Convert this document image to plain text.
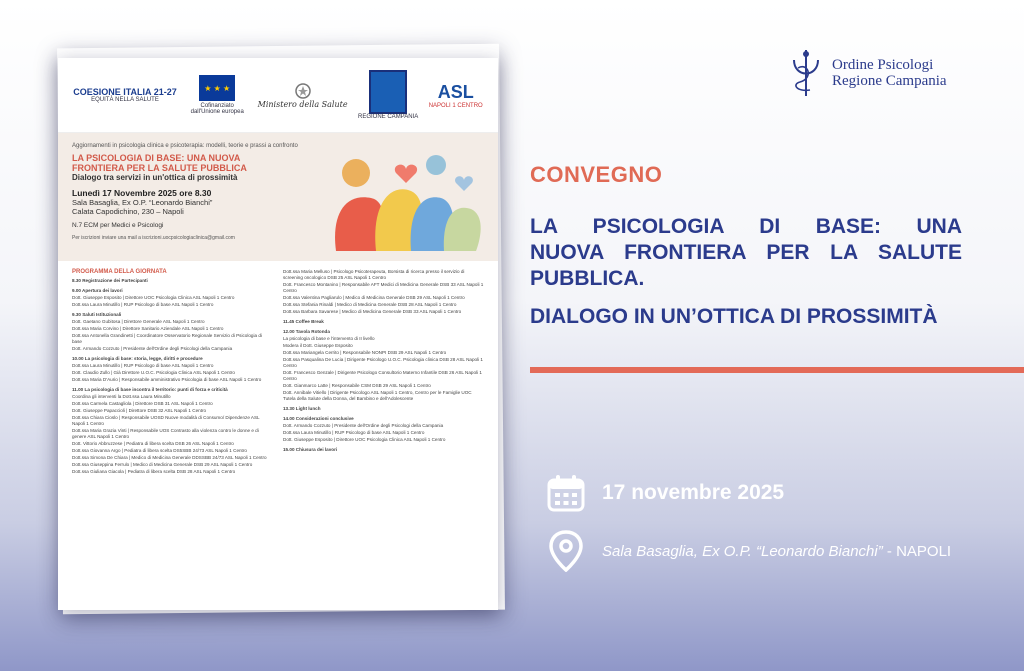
COESIONE ITALIA 21-27
EQUITÀ NELLA SALUTE
★ ★ ★
Cofinanziato dall'Unione europea
Ministero della Salute
REGIONE CAMPANIA
ASL
NAPOLI 1 CENTRO
Aggiornamenti in psicologia clinica e psicoterapia: modelli, teorie e prassi a confronto
LA PSICOLOGIA DI BASE: UNA NUOVA FRONTIERA PER LA SALUTE PUBBLICA
Dialogo tra servizi in un'ottica di prossimità
Lunedì 17 Novembre 2025 ore 8.30
Sala Basaglia, Ex O.P. “Leonardo Bianchi”
Calata Capodichino, 230 – Napoli
N.7 ECM per Medici e Psicologi
Per iscrizioni inviare una mail a iscrizioni.uocpsicologiaclinica@gmail.com
PROGRAMMA DELLA GIORNATA
8.30 Registrazione dei Partecipanti
9.00 Apertura dei lavori
Dott. Giuseppe Esposito | Direttore UOC Psicologia Clinica ASL Napoli 1 Centro
Dott.ssa Laura Minutillo | RUP Psicologo di base ASL Napoli 1 Centro
9.30 Saluti Istituzionali
Dott. Gaetano Gubitosa | Direttore Generale ASL Napoli 1 Centro
Dott.ssa Maria Corvino | Direttore Sanitario Aziendale ASL Napoli 1 Centro
Dott.ssa Antonella Grandinetti | Coordinatore Osservatorio Regionale Servizio di Psicologia di base
Dott. Armando Cozzuto | Presidente dell'Ordine degli Psicologi della Campania
10.00 La psicologia di base: storia, legge, diritti e procedure
Dott.ssa Laura Minutillo | RUP Psicologo di base ASL Napoli 1 Centro
Dott. Claudio Zullo | Già Direttore U.O.C. Psicologia Clinica ASL Napoli 1 Centro
Dott.ssa Maria D'Aurio | Responsabile amministrativo Psicologia di base ASL Napoli 1 Centro
11.00 La psicologia di base incontra il territorio: punti di forza e criticità
Coordina gli interventi la Dott.ssa Laura Minutillo
Dott.ssa Carmela Castagliola | Direttore DSB 31 ASL Napoli 1 Centro
Dott. Giuseppe Papaccioli | Direttore DSB 32 ASL Napoli 1 Centro
Dott.ssa Chiara Cioslo | Responsabile UOSD Nuove modalità di Consumo/ Dipendenze ASL Napoli 1 Centro
Dott.ssa Maria Grazia Vinti | Responsabile UOS Contrasto alla violenza contro le donne e di genere ASL Napoli 1 Centro
Dott. Vittorio Abbruzzese | Pediatra di libera scelta DSB 26 ASL Napoli 1 Centro
Dott.ssa Giovanna Argo | Pediatra di libera scelta DS5SBB 24/73 ASL Napoli 1 Centro
Dott.ssa Simona De Chiara | Medico di Medicina Generale DDSSBB 24/73 ASL Napoli 1 Centro
Dott.ssa Giuseppina Ferrulo | Medico di Medicina Generale DSB 29 ASL Napoli 1 Centro
Dott.ssa Giuliana Giacola | Pediatra di libera scelta DSB 28 ASL Napoli 1 Centro
Dott.ssa Maria Melluso | Psicologo Psicoterapeuta, Borsista di ricerca presso il servizio di screening oncologico DSB 25 ASL Napoli 1 Centro
Dott. Francesco Montanino | Responsabile AFT Medici di Medicina Generale DSB 33 ASL Napoli 1 Centro
Dott.ssa Valentina Pagliarulo | Medico di Medicina Generale DSB 29 ASL Napoli 1 Centro
Dott.ssa Stefania Rinaldi | Medico di Medicina Generale DSB 28 ASL Napoli 1 Centro
Dott.ssa Barbara Savarese | Medico di Medicina Generale DSB 33 ASL Napoli 1 Centro
11.45 Coffee Break
12.00 Tavola Rotonda
La psicologia di base e l'intervento di II livello
Modera il Dott. Giuseppe Esposito
Dott.ssa Mariangela Cerrito | Responsabile NONPI DSB 29 ASL Napoli 1 Centro
Dott.ssa Pasqualina De Lucia | Dirigente Psicologo U.O.C. Psicologia clinica DSB 28 ASL Napoli 1 Centro
Dott. Francesco Genzale | Dirigente Psicologo Consultorio Materno Infantile DSB 26 ASL Napoli 1 Centro
Dott. Gianmarco Latte | Responsabile CSM DSB 29 ASL Napoli 1 Centro
Dott. Annibale Vitiello | Dirigente Psicologo ASL Napoli 1 Centro, Centro per le Famiglie UOC Tutela della Salute della Donna, del Bambino e dell'Adolescente
13.30 Light lunch
14.00 Considerazioni conclusive
Dott. Armando Cozzuto | Presidente dell'Ordine degli Psicologi della Campania
Dott.ssa Laura Minutillo | RUP Psicologo di base ASL Napoli 1 Centro
Dott. Giuseppe Esposito | Direttore UOC Psicologia Clinica ASL Napoli 1 Centro
15.00 Chiusura dei lavori
Ordine Psicologi
Regione Campania
CONVEGNO
LA PSICOLOGIA DI BASE: UNA
NUOVA FRONTIERA PER LA SALUTE
PUBBLICA.
DIALOGO IN UN’OTTICA DI PROSSIMITÀ
17 novembre 2025
Sala Basaglia, Ex O.P. “Leonardo Bianchi” - NAPOLI
